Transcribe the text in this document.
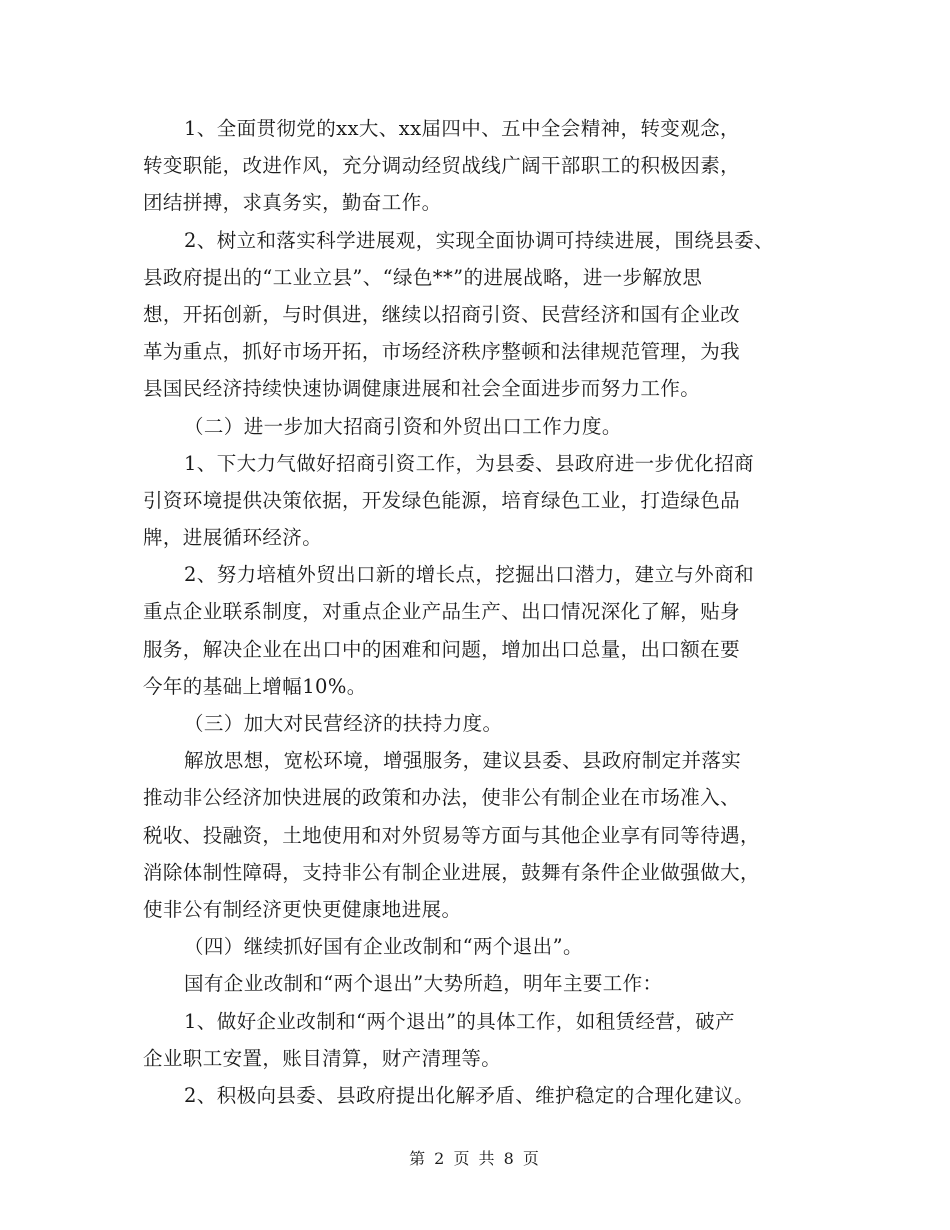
1、全面贯彻党的xx大、xx届四中、五中全会精神，转变观念，
转变职能，改进作风，充分调动经贸战线广阔干部职工的积极因素，
团结拼搏，求真务实，勤奋工作。
2、树立和落实科学进展观，实现全面协调可持续进展，围绕县委、
县政府提出的“工业立县”、“绿色**”的进展战略，进一步解放思
想，开拓创新，与时俱进，继续以招商引资、民营经济和国有企业改
革为重点，抓好市场开拓，市场经济秩序整顿和法律规范管理，为我
县国民经济持续快速协调健康进展和社会全面进步而努力工作。
（二）进一步加大招商引资和外贸出口工作力度。
1、下大力气做好招商引资工作，为县委、县政府进一步优化招商
引资环境提供决策依据，开发绿色能源，培育绿色工业，打造绿色品
牌，进展循环经济。
2、努力培植外贸出口新的增长点，挖掘出口潜力，建立与外商和
重点企业联系制度，对重点企业产品生产、出口情况深化了解，贴身
服务，解决企业在出口中的困难和问题，增加出口总量，出口额在要
今年的基础上增幅10%。
（三）加大对民营经济的扶持力度。
解放思想，宽松环境，增强服务，建议县委、县政府制定并落实
推动非公经济加快进展的政策和办法，使非公有制企业在市场准入、
税收、投融资，土地使用和对外贸易等方面与其他企业享有同等待遇，
消除体制性障碍，支持非公有制企业进展，鼓舞有条件企业做强做大，
使非公有制经济更快更健康地进展。
（四）继续抓好国有企业改制和“两个退出”。
国有企业改制和“两个退出”大势所趋，明年主要工作：
1、做好企业改制和“两个退出”的具体工作，如租赁经营，破产
企业职工安置，账目清算，财产清理等。
2、积极向县委、县政府提出化解矛盾、维护稳定的合理化建议。
第 2 页 共 8 页
